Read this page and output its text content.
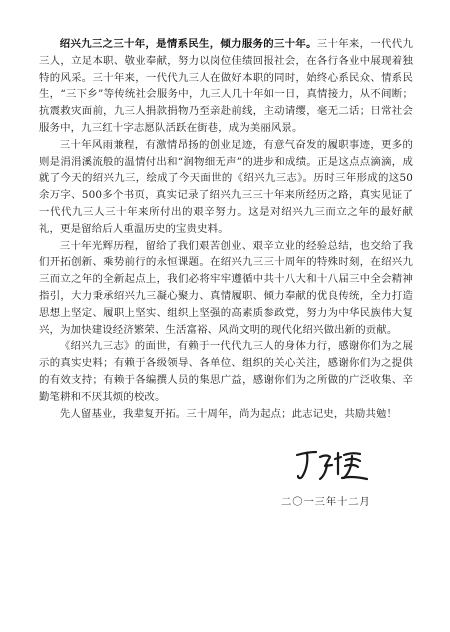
绍兴九三之三十年，是情系民生，倾力服务的三十年。三十年来，一代代九三人，立足本职、敬业奉献，努力以岗位佳绩回报社会，在各行各业中展现着独特的风采。三十年来，一代代九三人在做好本职的同时，始终心系民众、情系民生，“三下乡”等传统社会服务中，九三人几十年如一日，真情接力，从不间断；抗震救灾面前，九三人捐款捐物乃至亲赴前线，主动请缨，毫无二话；日常社会服务中，九三红十字志愿队活跃在街巷，成为美丽风景。

三十年风雨兼程，有激情昂扬的创业足迹，有意气奋发的履职事迹，更多的则是涓涓溪流般的温情付出和“润物细无声”的进步和成绩。正是这点点滴滴，成就了今天的绍兴九三，绘成了今天面世的《绍兴九三志》。历时三年形成的这50余万字、500多个书页，真实记录了绍兴九三三十年来所经历之路，真实见证了一代代九三人三十年来所付出的艰辛努力。这是对绍兴九三而立之年的最好献礼，更是留给后人重温历史的宝贵史料。

三十年光辉历程，留给了我们艰苦创业、艰辛立业的经验总结，也交给了我们开拓创新、乘势前行的永恒课题。在绍兴九三三十周年的特殊时刻，在绍兴九三而立之年的全新起点上，我们必将牢牢遵循中共十八大和十八届三中全会精神指引，大力秉承绍兴九三凝心聚力、真情履职、倾力奉献的优良传统，全力打造思想上坚定、履职上坚实、组织上坚强的高素质参政党，努力为中华民族伟大复兴，为加快建设经济繁荣、生活富裕、风尚文明的现代化绍兴做出新的贡献。

《绍兴九三志》的面世，有赖于一代代九三人的身体力行，感谢你们为之展示的真实史料；有赖于各级领导、各单位、组织的关心关注，感谢你们为之提供的有效支持；有赖于各编撰人员的集思广益，感谢你们为之所做的广泛收集、辛勤笔耕和不厌其烦的校改。

先人留基业，我辈复开拓。三十周年，尚为起点；此志记史，共励共勉！

二〇一三年十二月
